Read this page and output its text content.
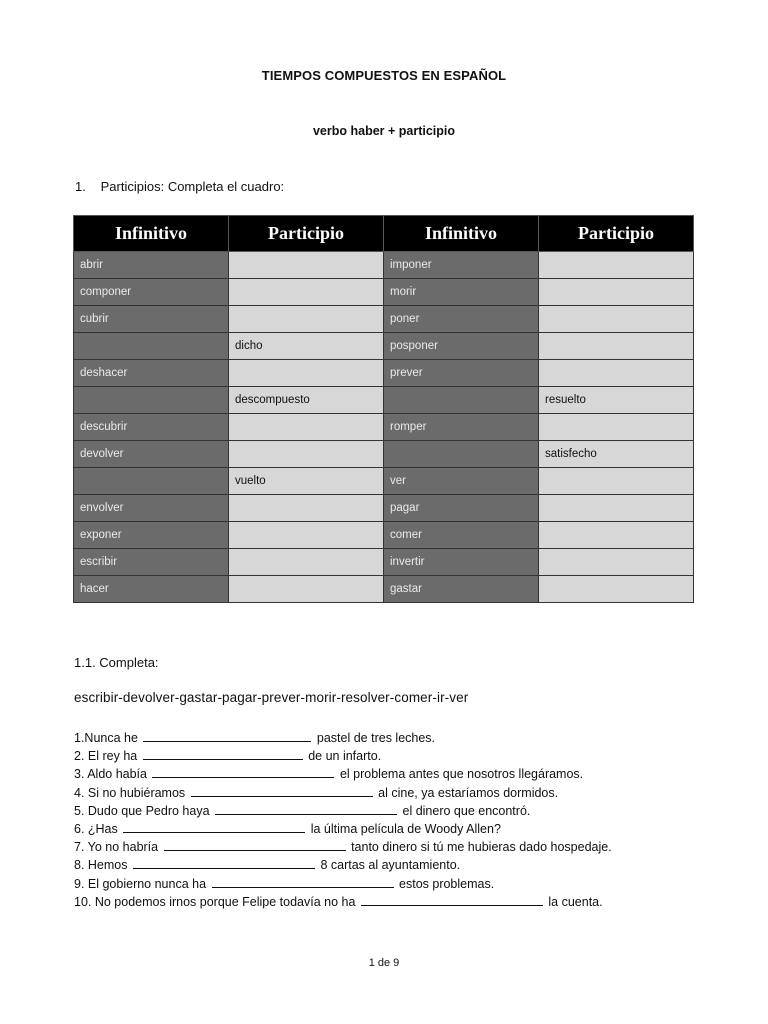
TIEMPOS COMPUESTOS EN ESPAÑOL
verbo haber + participio
1. Participios: Completa el cuadro:
Infinitivo	Participio	Infinitivo	Participio
abrir		imponer	
componer		morir	
cubrir		poner	
	dicho	posponer	
deshacer		prever	
	descompuesto		resuelto
descubrir		romper	
devolver			satisfecho
	vuelto	ver	
envolver		pagar	
exponer		comer	
escribir		invertir	
hacer		gastar	
1.1. Completa:
escribir-devolver-gastar-pagar-prever-morir-resolver-comer-ir-ver
1.Nunca he	pastel de tres leches.
2. El rey ha	de un infarto.
3. Aldo había	el problema antes que nosotros llegáramos.
4. Si no hubiéramos	al cine, ya estaríamos dormidos.
5. Dudo que Pedro haya	el dinero que encontró.
6. ¿Has	la última película de Woody Allen?
7. Yo no habría	tanto dinero si tú me hubieras dado hospedaje.
8. Hemos	8 cartas al ayuntamiento.
9. El gobierno nunca ha	estos problemas.
10. No podemos irnos porque Felipe todavía no ha	la cuenta.
1 de 9
